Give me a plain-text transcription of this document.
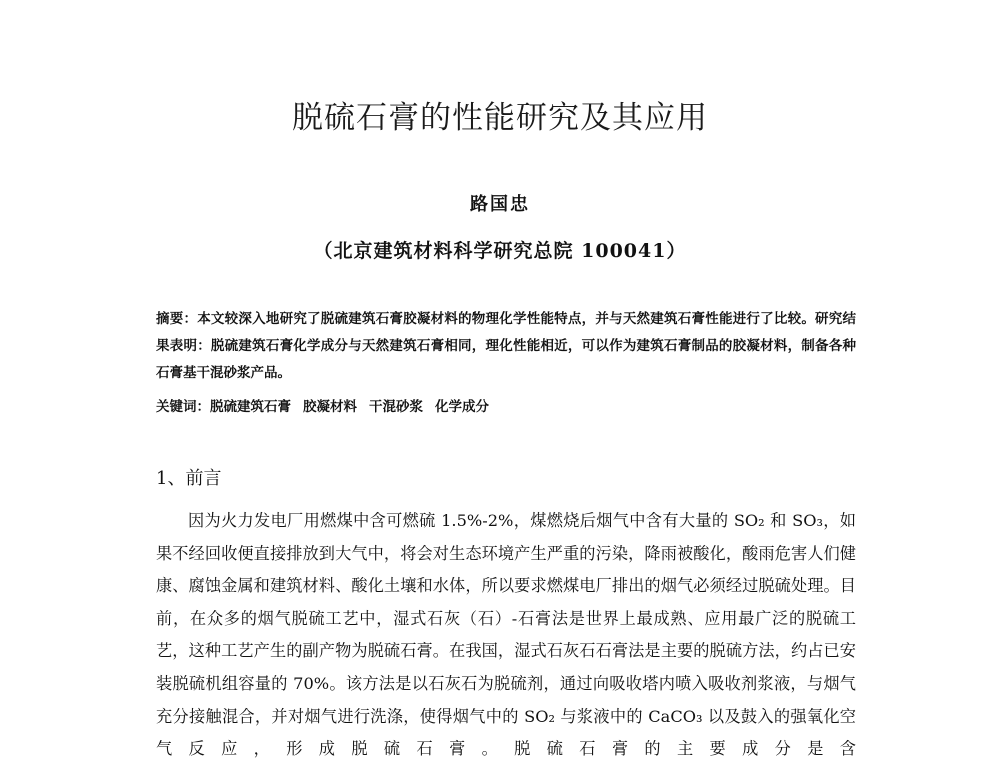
脱硫石膏的性能研究及其应用
路国忠
（北京建筑材料科学研究总院 100041）

摘要：本文较深入地研究了脱硫建筑石膏胶凝材料的物理化学性能特点，并与天然建筑石膏性能进行了比较。研究结果表明：脱硫建筑石膏化学成分与天然建筑石膏相同，理化性能相近，可以作为建筑石膏制品的胶凝材料，制备各种石膏基干混砂浆产品。

关键词：脱硫建筑石膏 胶凝材料 干混砂浆 化学成分

1、前言

因为火力发电厂用燃煤中含可燃硫 1.5%-2%，煤燃烧后烟气中含有大量的 SO₂ 和 SO₃，如果不经回收便直接排放到大气中，将会对生态环境产生严重的污染，降雨被酸化，酸雨危害人们健康、腐蚀金属和建筑材料、酸化土壤和水体，所以要求燃煤电厂排出的烟气必须经过脱硫处理。目前，在众多的烟气脱硫工艺中，湿式石灰（石）-石膏法是世界上最成熟、应用最广泛的脱硫工艺，这种工艺产生的副产物为脱硫石膏。在我国，湿式石灰石石膏法是主要的脱硫方法，约占已安装脱硫机组容量的 70%。该方法是以石灰石为脱硫剂，通过向吸收塔内喷入吸收剂浆液，与烟气充分接触混合，并对烟气进行洗涤，使得烟气中的 SO₂ 与浆液中的 CaCO₃ 以及鼓入的强氧化空气反应，形成脱硫石膏。脱硫石膏的主要成分是含
